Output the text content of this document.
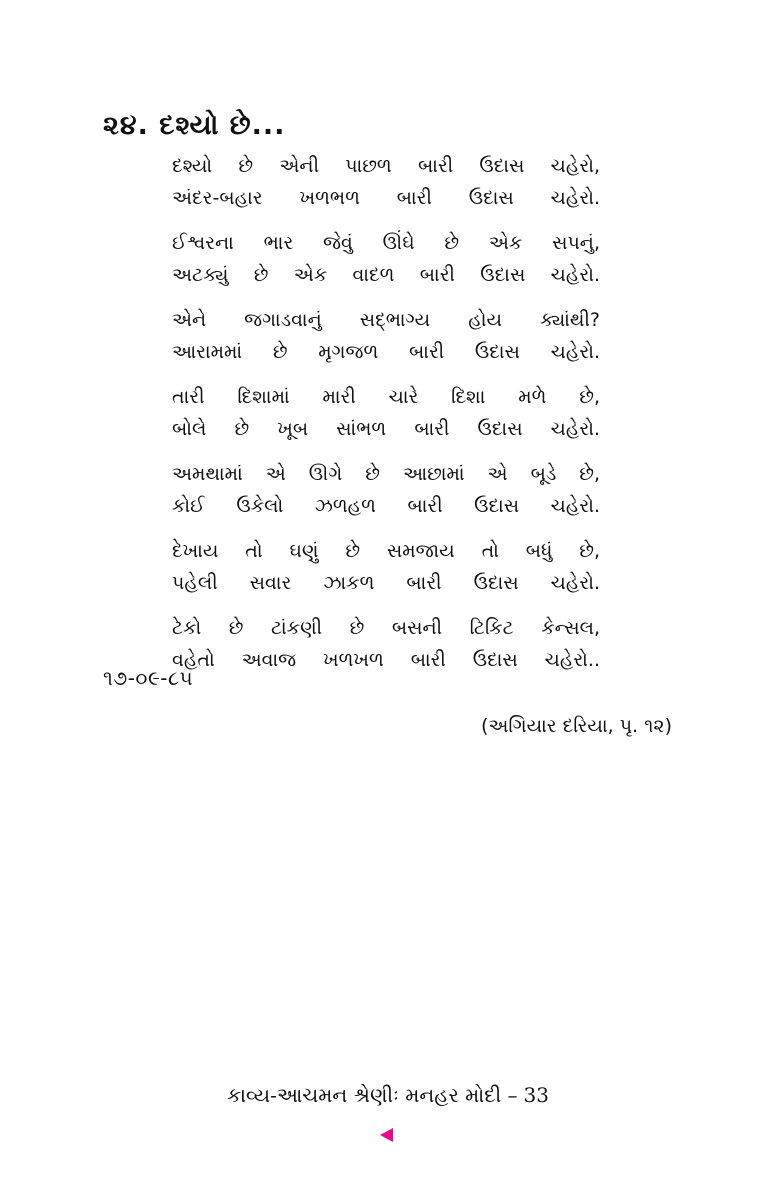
૨૪. દશ્યો છે...
દશ્યો છે એની પાછળ બારી ઉદાસ ચહેરો,
અંદર-બહાર ખળભળ બારી ઉદાસ ચહેરો.
ઈશ્વરના ભાર જેવું ઊંઘે છે એક સપનું,
અટક્યું છે એક વાદળ બારી ઉદાસ ચહેરો.
એને જગાડવાનું સદ્ભાગ્ય હોય ક્યાંથી?
આરામમાં છે મૃગજળ બારી ઉદાસ ચહેરો.
તારી દિશામાં મારી ચારે દિશા મળે છે,
બોલે છે ખૂબ સાંભળ બારી ઉદાસ ચહેરો.
અમથામાં એ ઊગે છે આછામાં એ બૂડે છે,
કોઈ ઉકેલો ઝળહળ બારી ઉદાસ ચહેરો.
દેખાય તો ઘણું છે સમજાય તો બધું છે,
પહેલી સવાર ઝાકળ બારી ઉદાસ ચહેરો.
ટેકો છે ટાંકણી છે બસની ટિકિટ કેન્સલ,
વહેતો અવાજ ખળખળ બારી ઉદાસ ચહેરો..
૧૭-૦૯-૮૫
(અગિયાર દરિયા, પૃ. ૧૨)
કાવ્ય-આચમન શ્રેણીઃ મનહર મોદી – 33
